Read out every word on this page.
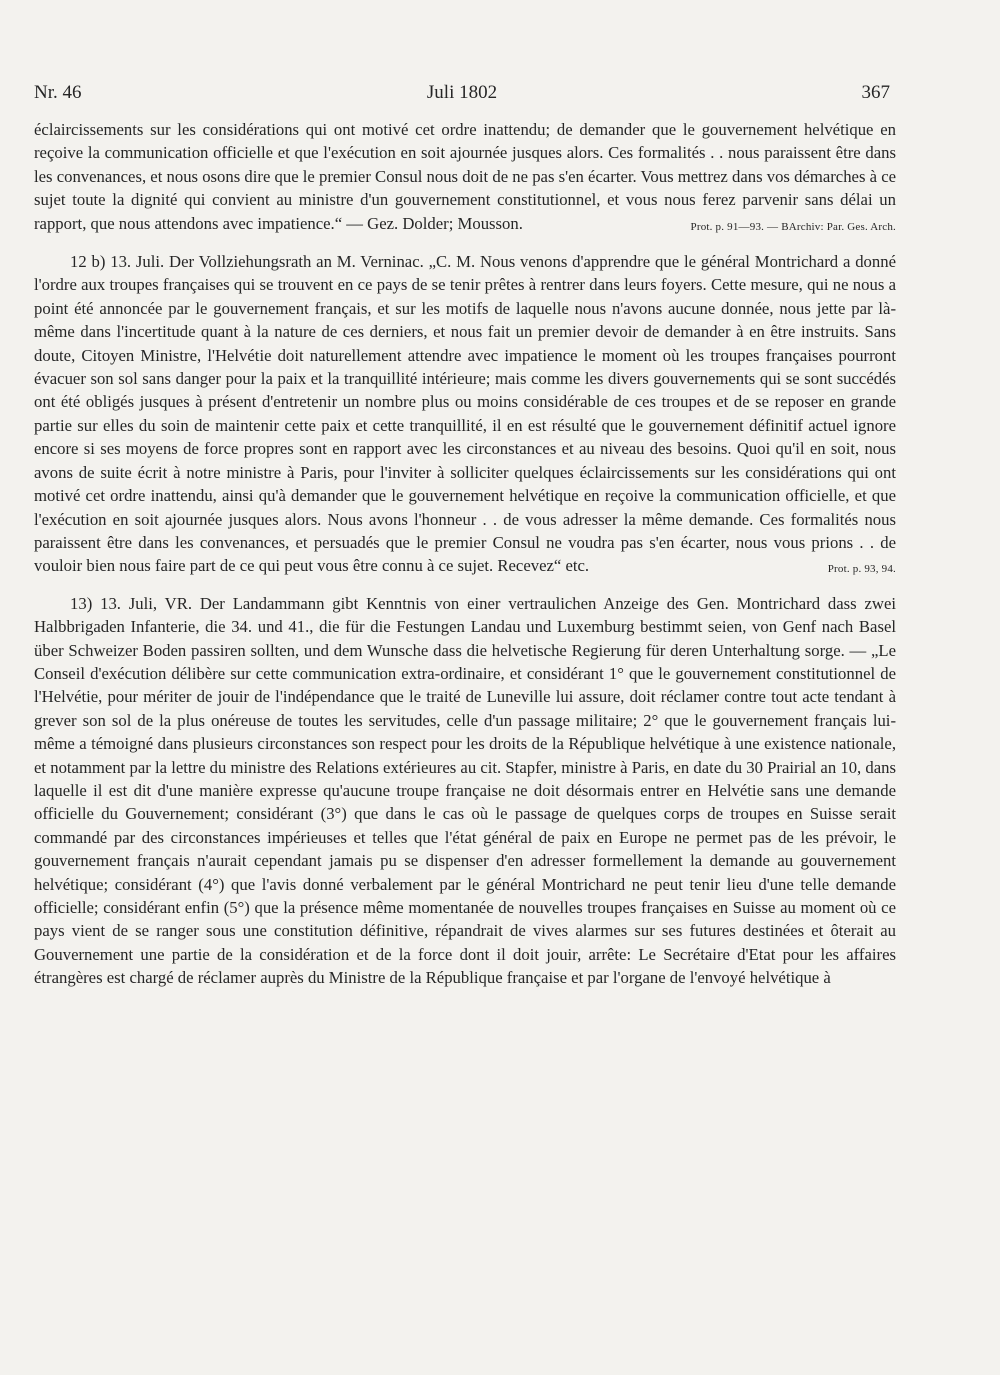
Nr. 46	Juli 1802	367

éclaircissements sur les considérations qui ont motivé cet ordre inattendu; de demander que le gouvernement helvétique en reçoive la communication officielle et que l'exécution en soit ajournée jusques alors. Ces formalités . . nous paraissent être dans les convenances, et nous osons dire que le premier Consul nous doit de ne pas s'en écarter. Vous mettrez dans vos démarches à ce sujet toute la dignité qui convient au ministre d'un gouvernement constitutionnel, et vous nous ferez parvenir sans délai un rapport, que nous attendons avec impatience.“ — Gez. Dolder; Mousson.	Prot. p. 91—93. — BArchiv: Par. Ges. Arch.

12 b) 13. Juli. Der Vollziehungsrath an M. Verninac. „C. M. Nous venons d'apprendre que le général Montrichard a donné l'ordre aux troupes françaises qui se trouvent en ce pays de se tenir prêtes à rentrer dans leurs foyers. Cette mesure, qui ne nous a point été annoncée par le gouvernement français, et sur les motifs de laquelle nous n'avons aucune donnée, nous jette par là-même dans l'incertitude quant à la nature de ces derniers, et nous fait un premier devoir de demander à en être instruits. Sans doute, Citoyen Ministre, l'Helvétie doit naturellement attendre avec impatience le moment où les troupes françaises pourront évacuer son sol sans danger pour la paix et la tranquillité intérieure; mais comme les divers gouvernements qui se sont succédés ont été obligés jusques à présent d'entretenir un nombre plus ou moins considérable de ces troupes et de se reposer en grande partie sur elles du soin de maintenir cette paix et cette tranquillité, il en est résulté que le gouvernement définitif actuel ignore encore si ses moyens de force propres sont en rapport avec les circonstances et au niveau des besoins. Quoi qu'il en soit, nous avons de suite écrit à notre ministre à Paris, pour l'inviter à solliciter quelques éclaircissements sur les considérations qui ont motivé cet ordre inattendu, ainsi qu'à demander que le gouvernement helvétique en reçoive la communication officielle, et que l'exécution en soit ajournée jusques alors. Nous avons l'honneur . . de vous adresser la même demande. Ces formalités nous paraissent être dans les convenances, et persuadés que le premier Consul ne voudra pas s'en écarter, nous vous prions . . de vouloir bien nous faire part de ce qui peut vous être connu à ce sujet. Recevez“ etc.	Prot. p. 93, 94.

13) 13. Juli, VR. Der Landammann gibt Kenntnis von einer vertraulichen Anzeige des Gen. Montrichard dass zwei Halbbrigaden Infanterie, die 34. und 41., die für die Festungen Landau und Luxemburg bestimmt seien, von Genf nach Basel über Schweizer Boden passiren sollten, und dem Wunsche dass die helvetische Regierung für deren Unterhaltung sorge. — „Le Conseil d'exécution délibère sur cette communication extra-ordinaire, et considérant 1° que le gouvernement constitutionnel de l'Helvétie, pour mériter de jouir de l'indépendance que le traité de Luneville lui assure, doit réclamer contre tout acte tendant à grever son sol de la plus onéreuse de toutes les servitudes, celle d'un passage militaire; 2° que le gouvernement français lui-même a témoigné dans plusieurs circonstances son respect pour les droits de la République helvétique à une existence nationale, et notamment par la lettre du ministre des Relations extérieures au cit. Stapfer, ministre à Paris, en date du 30 Prairial an 10, dans laquelle il est dit d'une manière expresse qu'aucune troupe française ne doit désormais entrer en Helvétie sans une demande officielle du Gouvernement; considérant (3°) que dans le cas où le passage de quelques corps de troupes en Suisse serait commandé par des circonstances impérieuses et telles que l'état général de paix en Europe ne permet pas de les prévoir, le gouvernement français n'aurait cependant jamais pu se dispenser d'en adresser formellement la demande au gouvernement helvétique; considérant (4°) que l'avis donné verbalement par le général Montrichard ne peut tenir lieu d'une telle demande officielle; considérant enfin (5°) que la présence même momentanée de nouvelles troupes françaises en Suisse au moment où ce pays vient de se ranger sous une constitution définitive, répandrait de vives alarmes sur ses futures destinées et ôterait au Gouvernement une partie de la considération et de la force dont il doit jouir, arrête: Le Secrétaire d'Etat pour les affaires étrangères est chargé de réclamer auprès du Ministre de la République française et par l'organe de l'envoyé helvétique à
